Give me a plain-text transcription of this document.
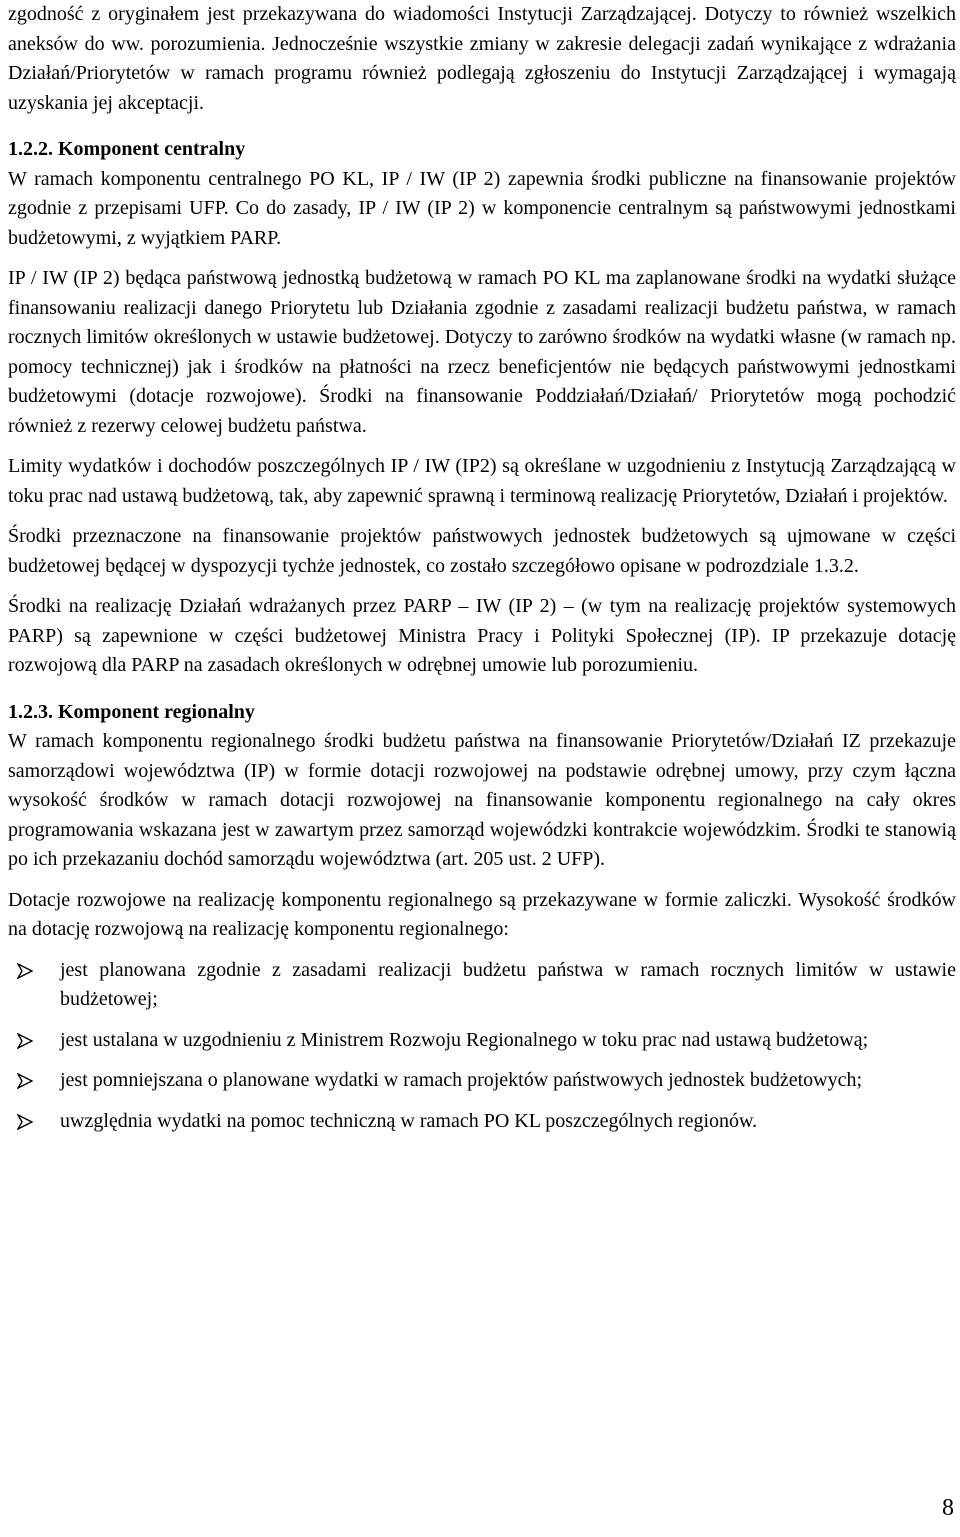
zgodność z oryginałem jest przekazywana do wiadomości Instytucji Zarządzającej. Dotyczy to również wszelkich aneksów do ww. porozumienia. Jednocześnie wszystkie zmiany w zakresie delegacji zadań wynikające z wdrażania Działań/Priorytetów w ramach programu również podlegają zgłoszeniu do Instytucji Zarządzającej i wymagają uzyskania jej akceptacji.

1.2.2. Komponent centralny

W ramach komponentu centralnego PO KL, IP / IW (IP 2) zapewnia środki publiczne na finansowanie projektów zgodnie z przepisami UFP. Co do zasady, IP / IW (IP 2) w komponencie centralnym są państwowymi jednostkami budżetowymi, z wyjątkiem PARP.

IP / IW (IP 2) będąca państwową jednostką budżetową w ramach PO KL ma zaplanowane środki na wydatki służące finansowaniu realizacji danego Priorytetu lub Działania zgodnie z zasadami realizacji budżetu państwa, w ramach rocznych limitów określonych w ustawie budżetowej. Dotyczy to zarówno środków na wydatki własne (w ramach np. pomocy technicznej) jak i środków na płatności na rzecz beneficjentów nie będących państwowymi jednostkami budżetowymi (dotacje rozwojowe). Środki na finansowanie Poddziałań/Działań/ Priorytetów mogą pochodzić również z rezerwy celowej budżetu państwa.

Limity wydatków i dochodów poszczególnych IP / IW (IP2) są określane w uzgodnieniu z Instytucją Zarządzającą w toku prac nad ustawą budżetową, tak, aby zapewnić sprawną i terminową realizację Priorytetów, Działań i projektów.

Środki przeznaczone na finansowanie projektów państwowych jednostek budżetowych są ujmowane w części budżetowej będącej w dyspozycji tychże jednostek, co zostało szczegółowo opisane w podrozdziale 1.3.2.

Środki na realizację Działań wdrażanych przez PARP – IW (IP 2) – (w tym na realizację projektów systemowych PARP) są zapewnione w części budżetowej Ministra Pracy i Polityki Społecznej (IP). IP przekazuje dotację rozwojową dla PARP na zasadach określonych w odrębnej umowie lub porozumieniu.

1.2.3. Komponent regionalny

W ramach komponentu regionalnego środki budżetu państwa na finansowanie Priorytetów/Działań IZ przekazuje samorządowi województwa (IP) w formie dotacji rozwojowej na podstawie odrębnej umowy, przy czym łączna wysokość środków w ramach dotacji rozwojowej na finansowanie komponentu regionalnego na cały okres programowania wskazana jest w zawartym przez samorząd wojewódzki kontrakcie wojewódzkim. Środki te stanowią po ich przekazaniu dochód samorządu województwa (art. 205 ust. 2 UFP).

Dotacje rozwojowe na realizację komponentu regionalnego są przekazywane w formie zaliczki. Wysokość środków na dotację rozwojową na realizację komponentu regionalnego:

jest planowana zgodnie z zasadami realizacji budżetu państwa w ramach rocznych limitów w ustawie budżetowej;
jest ustalana w uzgodnieniu z Ministrem Rozwoju Regionalnego w toku prac nad ustawą budżetową;
jest pomniejszana o planowane wydatki w ramach projektów państwowych jednostek budżetowych;
uwzględnia wydatki na pomoc techniczną w ramach PO KL poszczególnych regionów.
8
